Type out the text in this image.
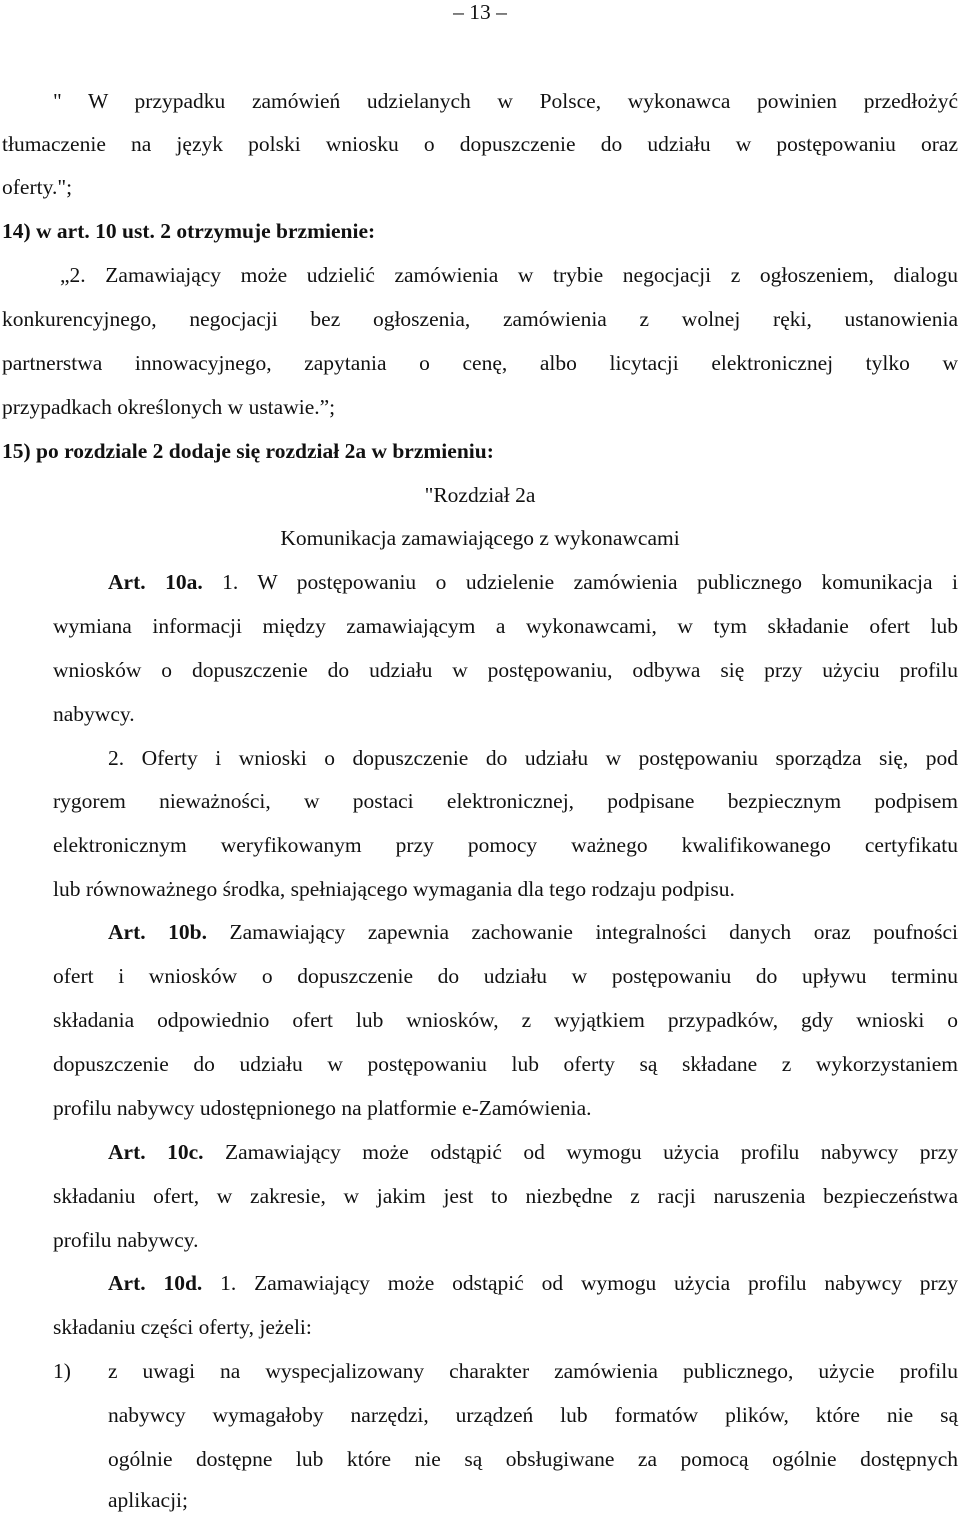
– 13 –
" W przypadku zamówień udzielanych w Polsce, wykonawca powinien przedłożyć
tłumaczenie na język polski wniosku o dopuszczenie do udziału w postępowaniu oraz
oferty.";
14) w art. 10 ust. 2 otrzymuje brzmienie:
„2. Zamawiający może udzielić zamówienia w trybie negocjacji z ogłoszeniem, dialogu
konkurencyjnego, negocjacji bez ogłoszenia, zamówienia z wolnej ręki, ustanowienia
partnerstwa innowacyjnego, zapytania o cenę, albo licytacji elektronicznej tylko w
przypadkach określonych w ustawie.”;
15) po rozdziale 2 dodaje się rozdział 2a w brzmieniu:
"Rozdział 2a
Komunikacja zamawiającego z wykonawcami
Art. 10a. 1. W postępowaniu o udzielenie zamówienia publicznego komunikacja i
wymiana informacji między zamawiającym a wykonawcami, w tym składanie ofert lub
wniosków o dopuszczenie do udziału w postępowaniu, odbywa się przy użyciu profilu
nabywcy.
2. Oferty i wnioski o dopuszczenie do udziału w postępowaniu sporządza się, pod
rygorem nieważności, w postaci elektronicznej, podpisane bezpiecznym podpisem
elektronicznym weryfikowanym przy pomocy ważnego kwalifikowanego certyfikatu
lub równoważnego środka, spełniającego wymagania dla tego rodzaju podpisu.
Art. 10b. Zamawiający zapewnia zachowanie integralności danych oraz poufności
ofert i wniosków o dopuszczenie do udziału w postępowaniu do upływu terminu
składania odpowiednio ofert lub wniosków, z wyjątkiem przypadków, gdy wnioski o
dopuszczenie do udziału w postępowaniu lub oferty są składane z wykorzystaniem
profilu nabywcy udostępnionego na platformie e-Zamówienia.
Art. 10c. Zamawiający może odstąpić od wymogu użycia profilu nabywcy przy
składaniu ofert, w zakresie, w jakim jest to niezbędne z racji naruszenia bezpieczeństwa
profilu nabywcy.
Art. 10d. 1. Zamawiający może odstąpić od wymogu użycia profilu nabywcy przy
składaniu części oferty, jeżeli:
1) z uwagi na wyspecjalizowany charakter zamówienia publicznego, użycie profilu
nabywcy wymagałoby narzędzi, urządzeń lub formatów plików, które nie są
ogólnie dostępne lub które nie są obsługiwane za pomocą ogólnie dostępnych
aplikacji;
